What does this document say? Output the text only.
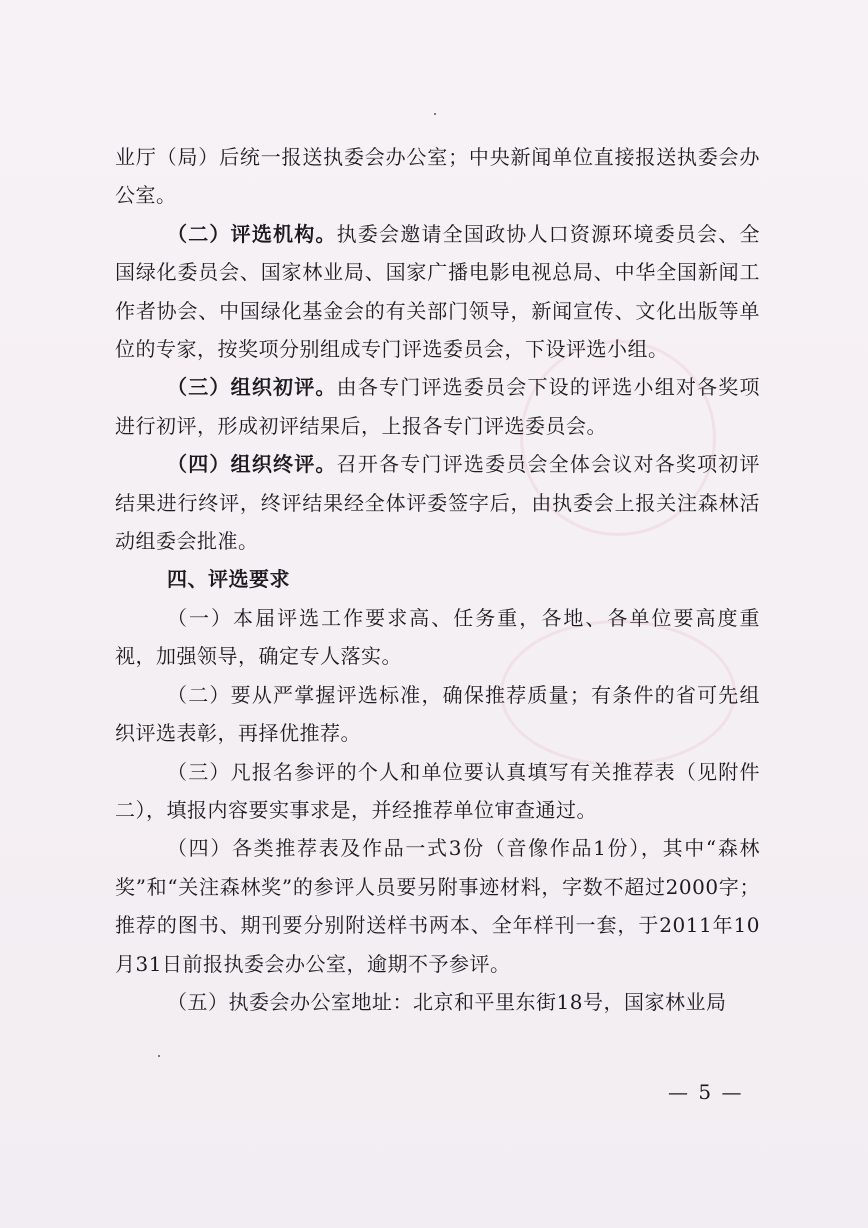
业厅（局）后统一报送执委会办公室；中央新闻单位直接报送执委会办公室。

（二）评选机构。执委会邀请全国政协人口资源环境委员会、全国绿化委员会、国家林业局、国家广播电影电视总局、中华全国新闻工作者协会、中国绿化基金会的有关部门领导，新闻宣传、文化出版等单位的专家，按奖项分别组成专门评选委员会，下设评选小组。

（三）组织初评。由各专门评选委员会下设的评选小组对各奖项进行初评，形成初评结果后，上报各专门评选委员会。

（四）组织终评。召开各专门评选委员会全体会议对各奖项初评结果进行终评，终评结果经全体评委签字后，由执委会上报关注森林活动组委会批准。

四、评选要求

（一）本届评选工作要求高、任务重，各地、各单位要高度重视，加强领导，确定专人落实。

（二）要从严掌握评选标准，确保推荐质量；有条件的省可先组织评选表彰，再择优推荐。

（三）凡报名参评的个人和单位要认真填写有关推荐表（见附件二），填报内容要实事求是，并经推荐单位审查通过。

（四）各类推荐表及作品一式3份（音像作品1份），其中“森林奖”和“关注森林奖”的参评人员要另附事迹材料，字数不超过2000字；推荐的图书、期刊要分别附送样书两本、全年样刊一套，于2011年10月31日前报执委会办公室，逾期不予参评。

（五）执委会办公室地址：北京和平里东街18号，国家林业局

— 5 —
